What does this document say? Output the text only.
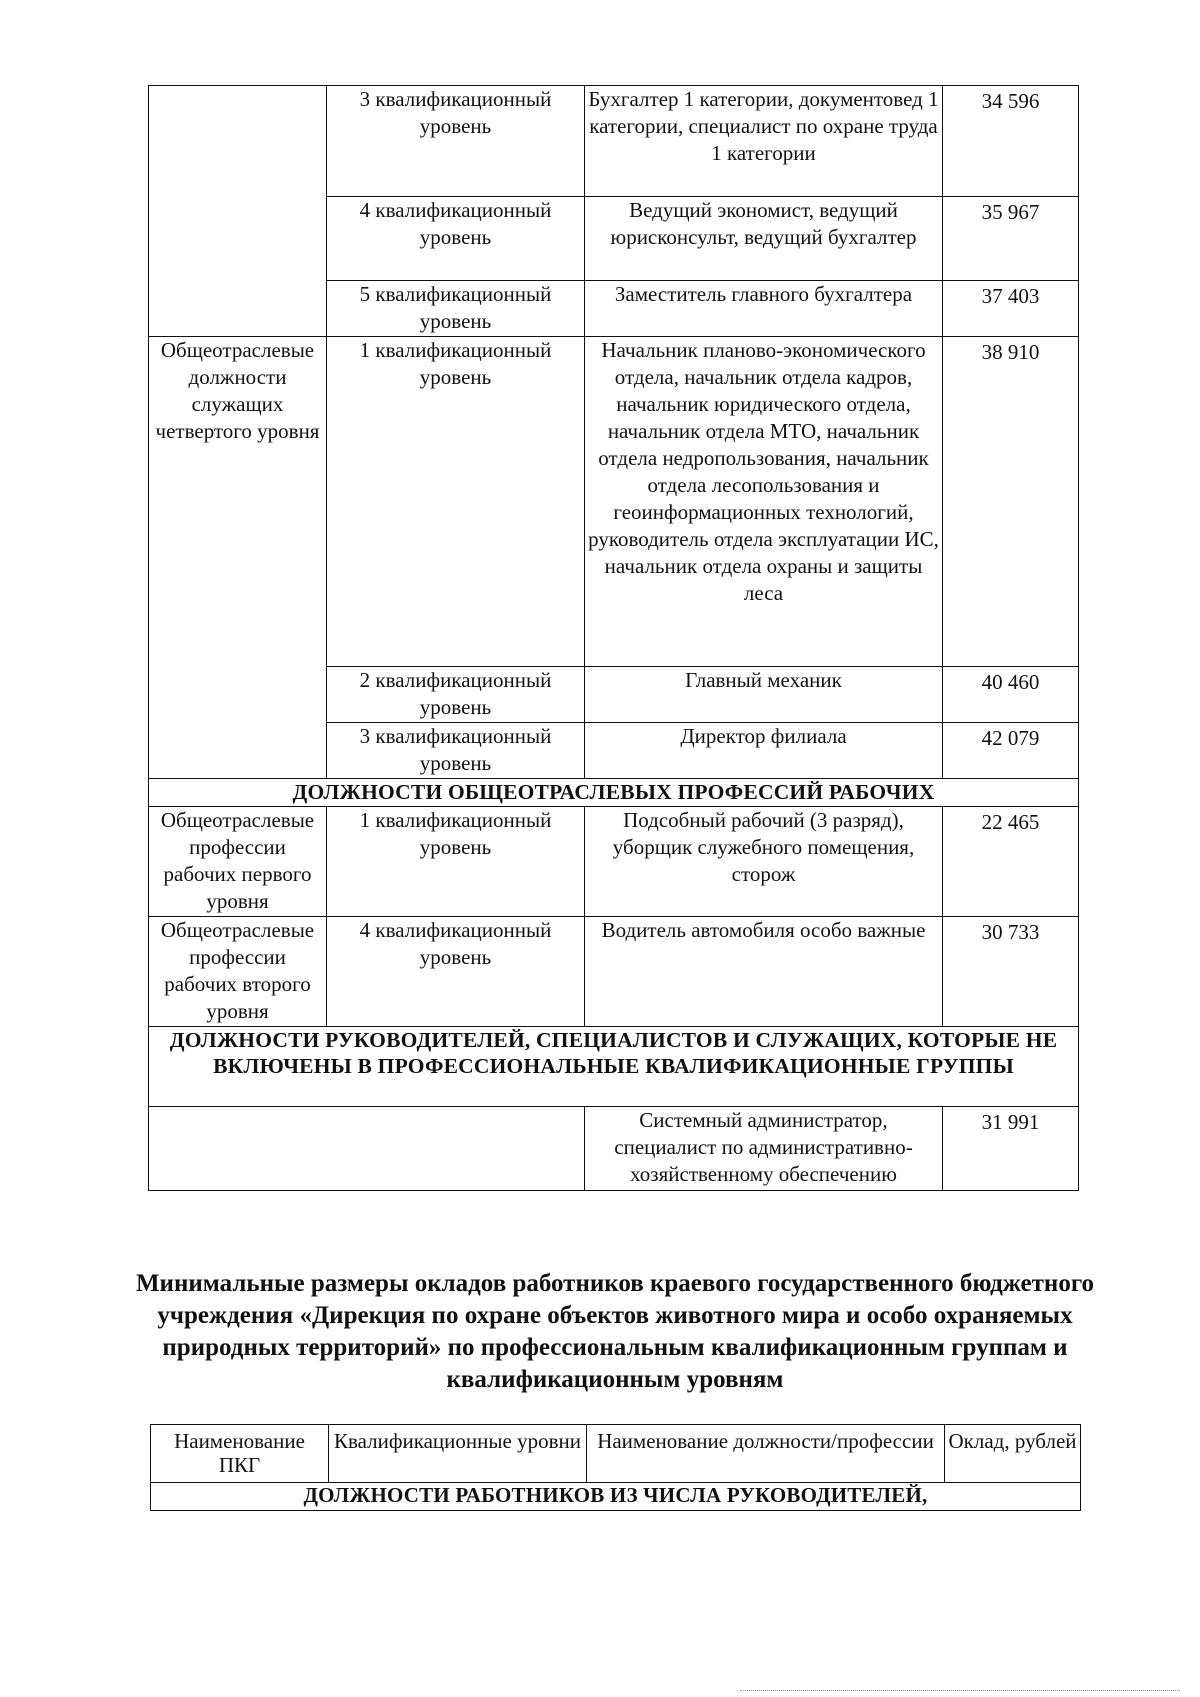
	3 квалификационный уровень	Бухгалтер 1 категории, документовед 1 категории, специалист по охране труда 1 категории	34 596
	4 квалификационный уровень	Ведущий экономист, ведущий юрисконсульт, ведущий бухгалтер	35 967
	5 квалификационный уровень	Заместитель главного бухгалтера	37 403
Общеотраслевые должности служащих четвертого уровня	1 квалификационный уровень	Начальник планово-экономического отдела, начальник отдела кадров, начальник юридического отдела, начальник отдела МТО, начальник отдела недропользования, начальник отдела лесопользования и геоинформационных технологий, руководитель отдела эксплуатации ИС, начальник отдела охраны и защиты леса	38 910
	2 квалификационный уровень	Главный механик	40 460
	3 квалификационный уровень	Директор филиала	42 079
ДОЛЖНОСТИ ОБЩЕОТРАСЛЕВЫХ ПРОФЕССИЙ РАБОЧИХ			
Общеотраслевые профессии рабочих первого уровня	1 квалификационный уровень	Подсобный рабочий (3 разряд), уборщик служебного помещения, сторож	22 465
Общеотраслевые профессии рабочих второго уровня	4 квалификационный уровень	Водитель автомобиля особо важные	30 733
ДОЛЖНОСТИ РУКОВОДИТЕЛЕЙ, СПЕЦИАЛИСТОВ И СЛУЖАЩИХ, КОТОРЫЕ НЕ ВКЛЮЧЕНЫ В ПРОФЕССИОНАЛЬНЫЕ КВАЛИФИКАЦИОННЫЕ ГРУППЫ			
		Системный администратор, специалист по административно-хозяйственному обеспечению	31 991

Минимальные размеры окладов работников краевого государственного бюджетного учреждения «Дирекция по охране объектов животного мира и особо охраняемых природных территорий» по профессиональным квалификационным группам и квалификационным уровням

Наименование ПКГ	Квалификационные уровни	Наименование должности/профессии	Оклад, рублей
ДОЛЖНОСТИ РАБОТНИКОВ ИЗ ЧИСЛА РУКОВОДИТЕЛЕЙ,
